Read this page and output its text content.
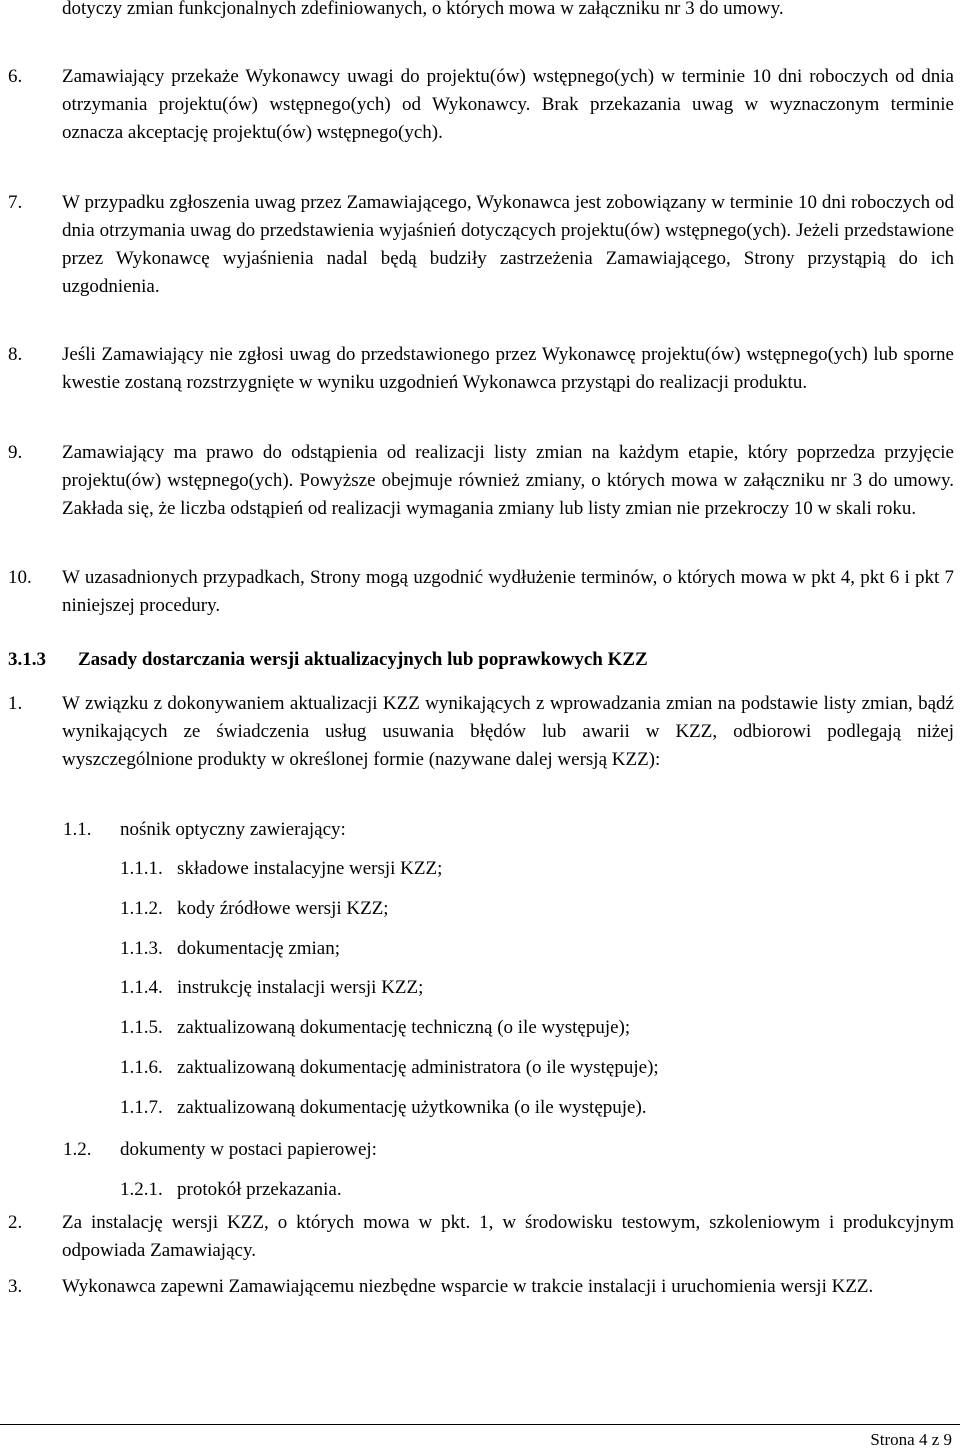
dotyczy zmian funkcjonalnych zdefiniowanych, o których mowa w załączniku nr 3 do umowy.
6. Zamawiający przekaże Wykonawcy uwagi do projektu(ów) wstępnego(ych) w terminie 10 dni roboczych od dnia otrzymania projektu(ów) wstępnego(ych) od Wykonawcy. Brak przekazania uwag w wyznaczonym terminie oznacza akceptację projektu(ów) wstępnego(ych).
7. W przypadku zgłoszenia uwag przez Zamawiającego, Wykonawca jest zobowiązany w terminie 10 dni roboczych od dnia otrzymania uwag do przedstawienia wyjaśnień dotyczących projektu(ów) wstępnego(ych). Jeżeli przedstawione przez Wykonawcę wyjaśnienia nadal będą budziły zastrzeżenia Zamawiającego, Strony przystąpią do ich uzgodnienia.
8. Jeśli Zamawiający nie zgłosi uwag do przedstawionego przez Wykonawcę projektu(ów) wstępnego(ych) lub sporne kwestie zostaną rozstrzygnięte w wyniku uzgodnień Wykonawca przystąpi do realizacji produktu.
9. Zamawiający ma prawo do odstąpienia od realizacji listy zmian na każdym etapie, który poprzedza przyjęcie projektu(ów) wstępnego(ych). Powyższe obejmuje również zmiany, o których mowa w załączniku nr 3 do umowy. Zakłada się, że liczba odstąpień od realizacji wymagania zmiany lub listy zmian nie przekroczy 10 w skali roku.
10. W uzasadnionych przypadkach, Strony mogą uzgodnić wydłużenie terminów, o których mowa w pkt 4, pkt 6 i pkt 7 niniejszej procedury.
3.1.3 Zasady dostarczania wersji aktualizacyjnych lub poprawkowych KZZ
1. W związku z dokonywaniem aktualizacji KZZ wynikających z wprowadzania zmian na podstawie listy zmian, bądź wynikających ze świadczenia usług usuwania błędów lub awarii w KZZ, odbiorowi podlegają niżej wyszczególnione produkty w określonej formie (nazywane dalej wersją KZZ):
1.1. nośnik optyczny zawierający:
1.1.1. składowe instalacyjne wersji KZZ;
1.1.2. kody źródłowe wersji KZZ;
1.1.3. dokumentację zmian;
1.1.4. instrukcję instalacji wersji KZZ;
1.1.5. zaktualizowaną dokumentację techniczną (o ile występuje);
1.1.6. zaktualizowaną dokumentację administratora (o ile występuje);
1.1.7. zaktualizowaną dokumentację użytkownika (o ile występuje).
1.2. dokumenty w postaci papierowej:
1.2.1. protokół przekazania.
2. Za instalację wersji KZZ, o których mowa w pkt. 1, w środowisku testowym, szkoleniowym i produkcyjnym odpowiada Zamawiający.
3. Wykonawca zapewni Zamawiającemu niezbędne wsparcie w trakcie instalacji i uruchomienia wersji KZZ.
Strona 4 z 9
